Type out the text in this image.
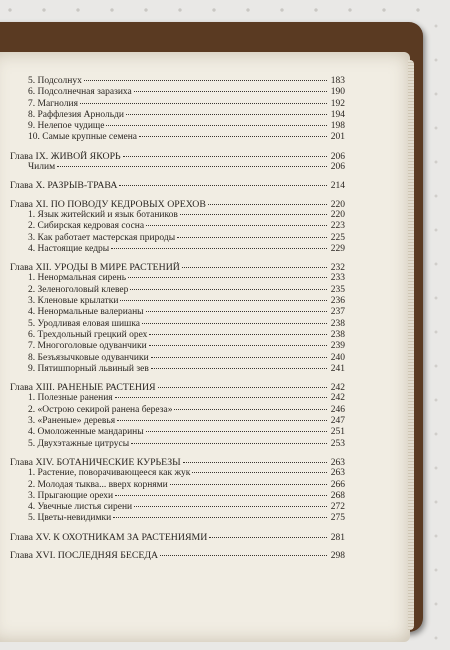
5. Подсолнух	183
6. Подсолнечная заразиха	190
7. Магнолия	192
8. Раффлезия Арнольди	194
9. Нелепое чудище	198
10. Самые крупные семена	201
Глава IX. ЖИВОЙ ЯКОРЬ	206
Чилим	206
Глава X. РАЗРЫВ-ТРАВА	214
Глава XI. ПО ПОВОДУ КЕДРОВЫХ ОРЕХОВ	220
1. Язык житейский и язык ботаников	220
2. Сибирская кедровая сосна	223
3. Как работает мастерская природы	225
4. Настоящие кедры	229
Глава XII. УРОДЫ В МИРЕ РАСТЕНИЙ	232
1. Ненормальная сирень	233
2. Зеленоголовый клевер	235
3. Кленовые крылатки	236
4. Ненормальные валерианы	237
5. Уродливая еловая шишка	238
6. Трехдольный грецкий орех	238
7. Многоголовые одуванчики	239
8. Безъязычковые одуванчики	240
9. Пятишпорный львиный зев	241
Глава XIII. РАНЕНЫЕ РАСТЕНИЯ	242
1. Полезные ранения	242
2. «Острою секирой ранена береза»	246
3. «Раненые» деревья	247
4. Омоложенные мандарины	251
5. Двухэтажные цитрусы	253
Глава XIV. БОТАНИЧЕСКИЕ КУРЬЕЗЫ	263
1. Растение, поворачивающееся как жук	263
2. Молодая тыква... вверх корнями	266
3. Прыгающие орехи	268
4. Увечные листья сирени	272
5. Цветы-невидимки	275
Глава XV. К ОХОТНИКАМ ЗА РАСТЕНИЯМИ	281
Глава XVI. ПОСЛЕДНЯЯ БЕСЕДА	298
